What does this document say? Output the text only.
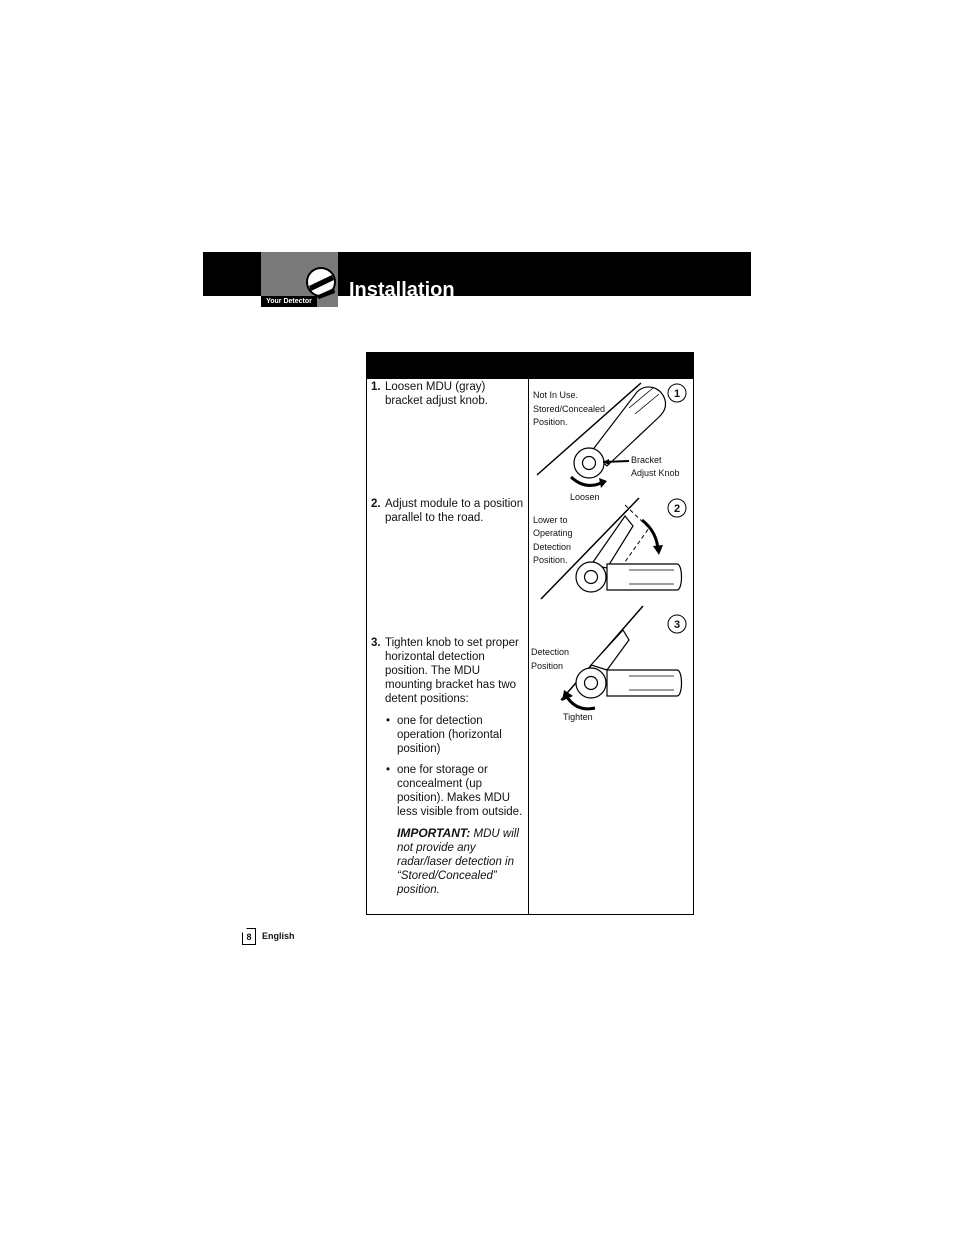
Your Detector
Installation
1. Loosen MDU (gray) bracket adjust knob.
2. Adjust module to a position parallel to the road.
3. Tighten knob to set proper horizontal detection position. The MDU mounting bracket has two detent positions:
• one for detection operation (horizontal position)
• one for storage or concealment (up position). Makes MDU less visible from outside.
IMPORTANT: MDU will not provide any radar/laser detection in “Stored/Concealed” position.
1
Not In Use.
Stored/Concealed
Position.
Bracket
Adjust Knob
Loosen
2
Lower to
Operating
Detection
Position.
3
Detection
Position
Tighten
8	English
